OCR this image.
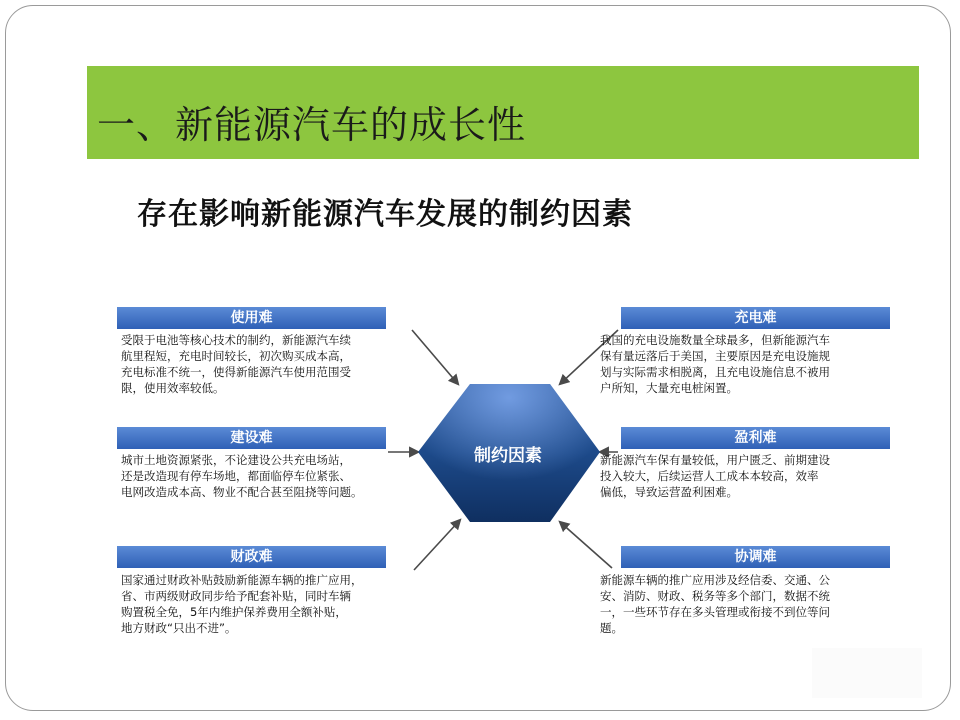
一、新能源汽车的成长性
存在影响新能源汽车发展的制约因素
制约因素
使用难
受限于电池等核心技术的制约，新能源汽车续
航里程短，充电时间较长，初次购买成本高，
充电标准不统一，使得新能源汽车使用范围受
限，使用效率较低。
建设难
城市土地资源紧张，不论建设公共充电场站，
还是改造现有停车场地，都面临停车位紧张、
电网改造成本高、物业不配合甚至阻挠等问题。
财政难
国家通过财政补贴鼓励新能源车辆的推广应用，
省、市两级财政同步给予配套补贴，同时车辆
购置税全免，5年内维护保养费用全额补贴，
地方财政“只出不进”。
充电难
我国的充电设施数量全球最多，但新能源汽车
保有量远落后于美国，主要原因是充电设施规
划与实际需求相脱离，且充电设施信息不被用
户所知，大量充电桩闲置。
盈利难
新能源汽车保有量较低，用户匮乏、前期建设
投入较大，后续运营人工成本本较高，效率
偏低，导致运营盈利困难。
协调难
新能源车辆的推广应用涉及经信委、交通、公
安、消防、财政、税务等多个部门，数据不统
一，一些环节存在多头管理或衔接不到位等问
题。
